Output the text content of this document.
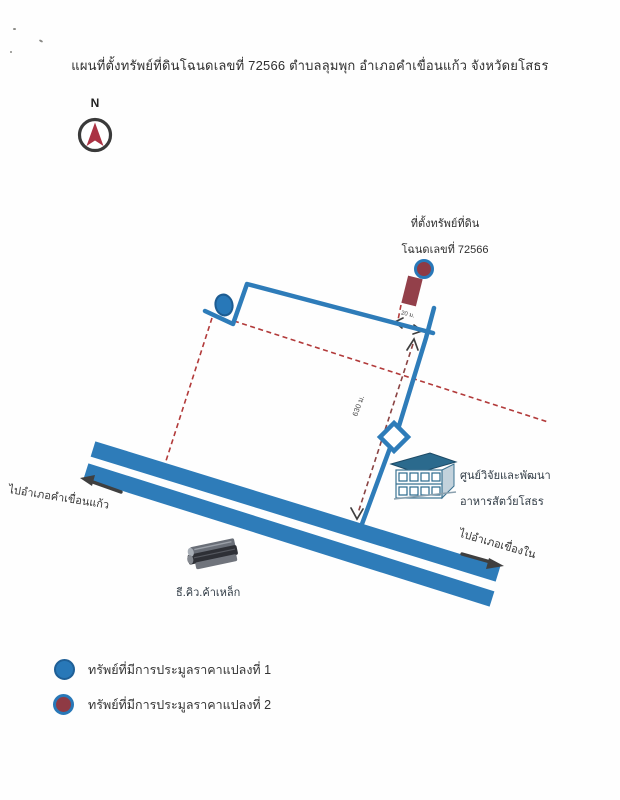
แผนที่ตั้งทรัพย์ที่ดินโฉนดเลขที่ 72566 ตำบลลุมพุก อำเภอคำเขื่อนแก้ว จังหวัดยโสธร
N
ที่ตั้งทรัพย์ที่ดิน
โฉนดเลขที่ 72566
630 ม.
20 ม.
ศูนย์วิจัยและพัฒนา
อาหารสัตว์ยโสธร
ธี.คิว.ค้าเหล็ก
ไปอำเภอคำเขื่อนแก้ว
ไปอำเภอเขื่องใน
ทรัพย์ที่มีการประมูลราคาแปลงที่ 1
ทรัพย์ที่มีการประมูลราคาแปลงที่ 2
